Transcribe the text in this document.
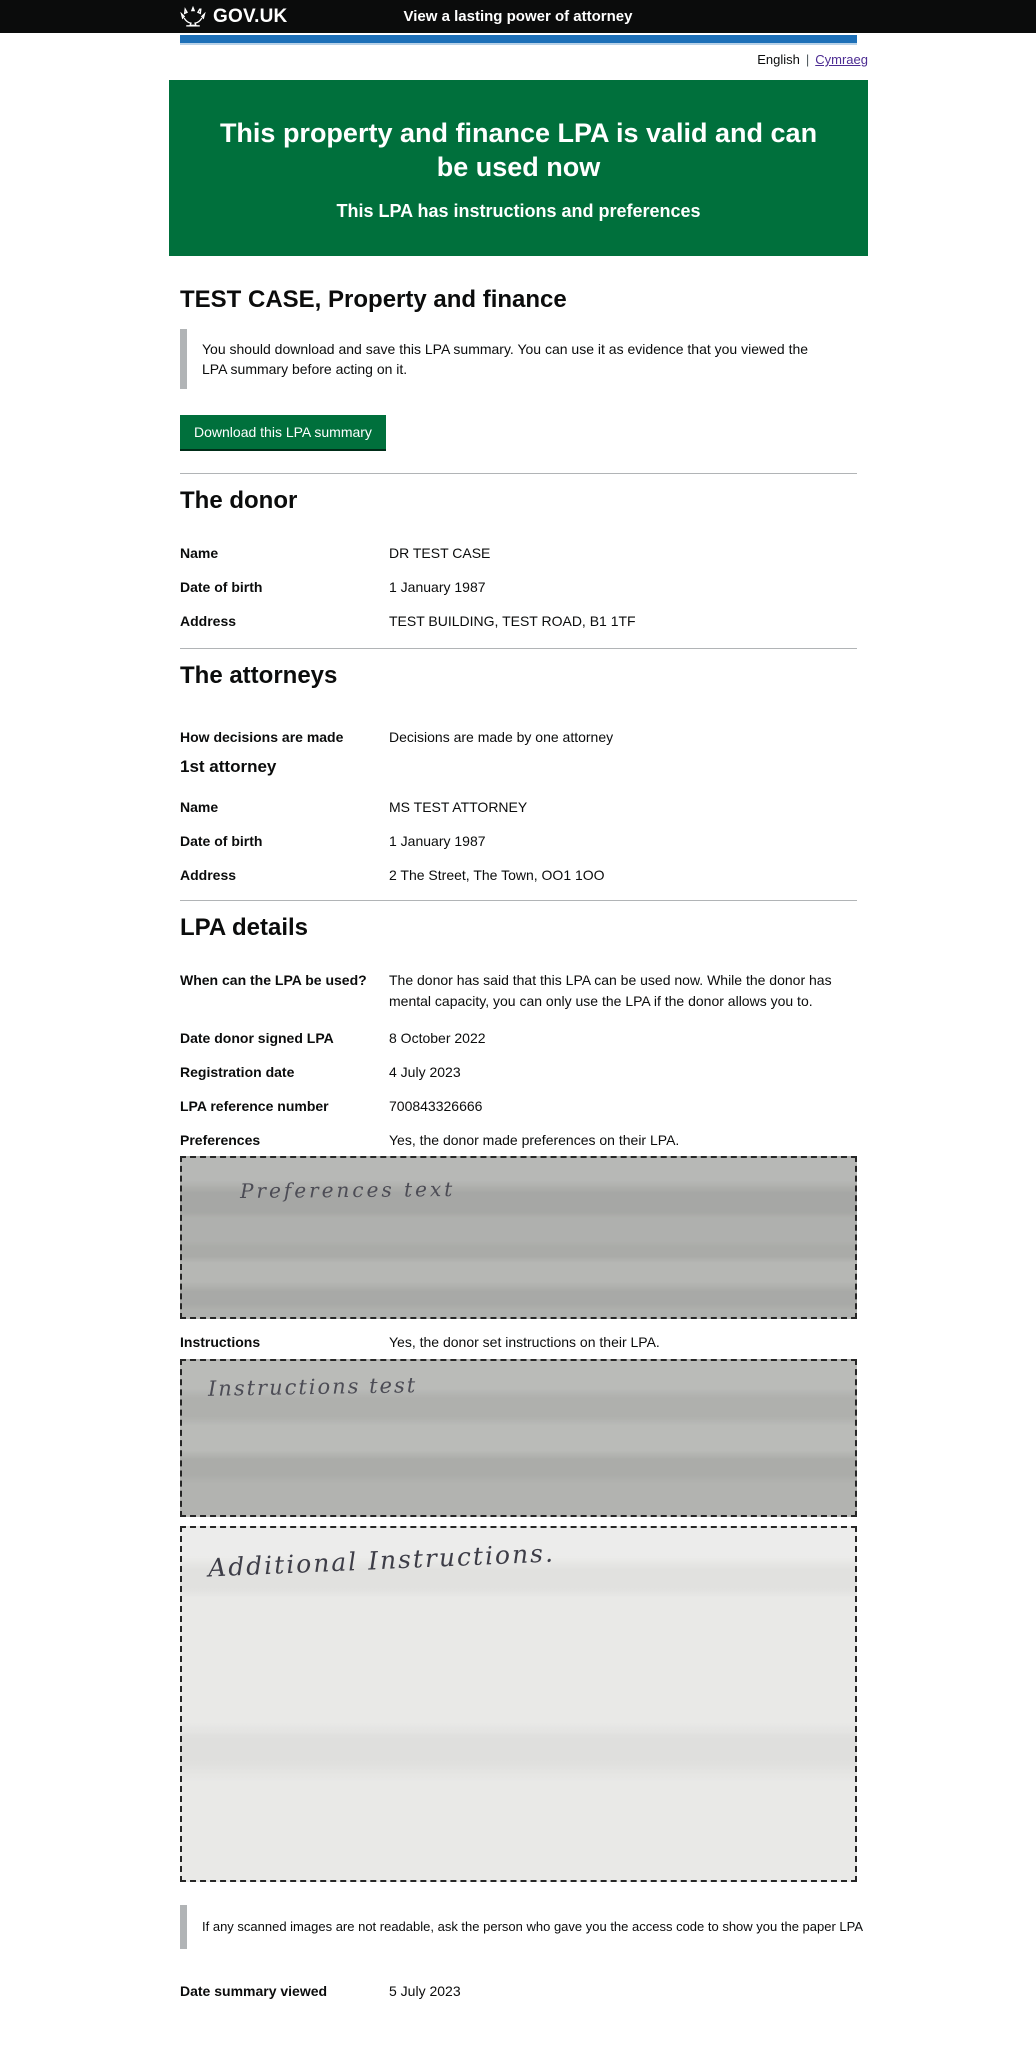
GOV.UK	View a lasting power of attorney
English | Cymraeg
This property and finance LPA is valid and can be used now
This LPA has instructions and preferences
TEST CASE, Property and finance
You should download and save this LPA summary. You can use it as evidence that you viewed the LPA summary before acting on it.
Download this LPA summary
The donor
Name	DR TEST CASE
Date of birth	1 January 1987
Address	TEST BUILDING, TEST ROAD, B1 1TF
The attorneys
How decisions are made	Decisions are made by one attorney
1st attorney
Name	MS TEST ATTORNEY
Date of birth	1 January 1987
Address	2 The Street, The Town, OO1 1OO
LPA details
When can the LPA be used?	The donor has said that this LPA can be used now. While the donor has mental capacity, you can only use the LPA if the donor allows you to.
Date donor signed LPA	8 October 2022
Registration date	4 July 2023
LPA reference number	700843326666
Preferences	Yes, the donor made preferences on their LPA.
Preferences text
Instructions	Yes, the donor set instructions on their LPA.
Instructions test
Additional Instructions.
If any scanned images are not readable, ask the person who gave you the access code to show you the paper LPA
Date summary viewed	5 July 2023
